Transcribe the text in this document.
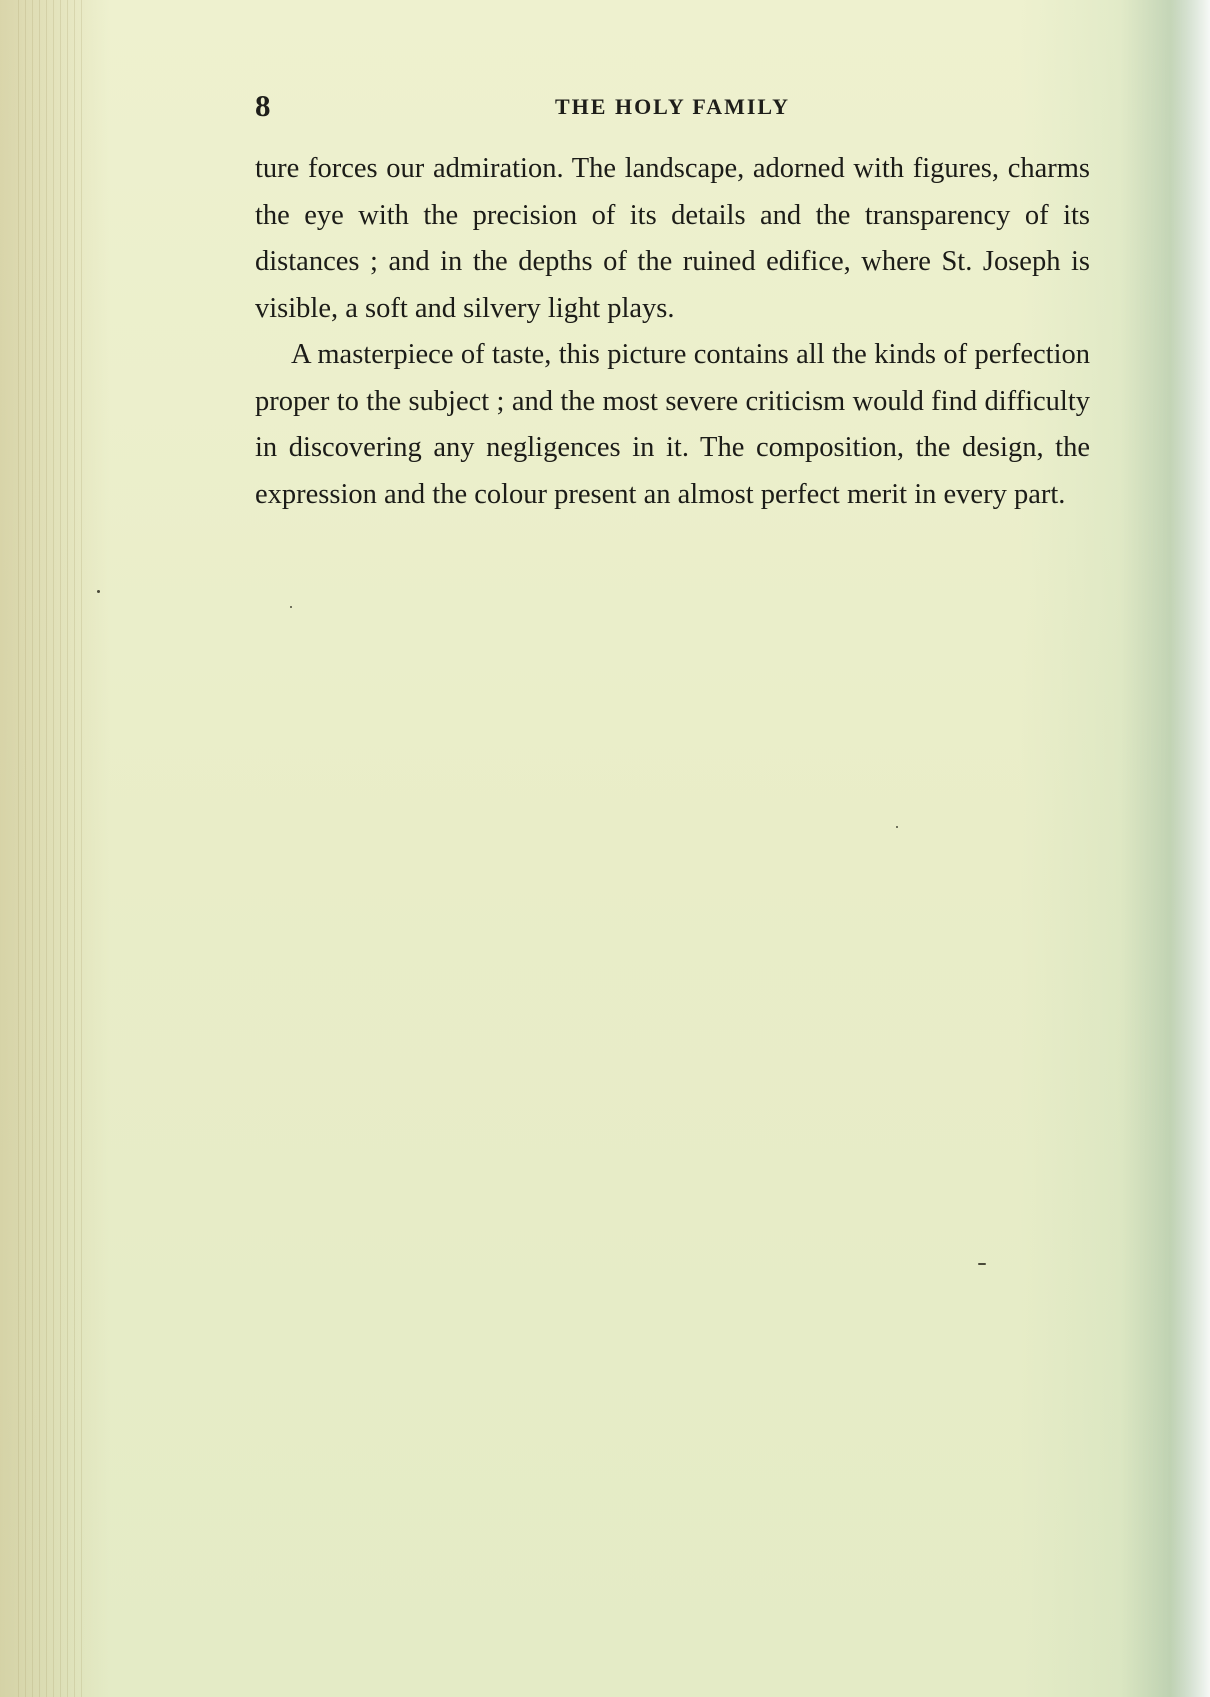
8	THE HOLY FAMILY

ture forces our admiration. The landscape, adorned with figures, charms the eye with the precision of its details and the transparency of its distances ; and in the depths of the ruined edifice, where St. Joseph is visible, a soft and silvery light plays.

A masterpiece of taste, this picture contains all the kinds of perfection proper to the subject ; and the most severe criticism would find difficulty in discovering any negligences in it. The composition, the design, the expression and the colour present an almost perfect merit in every part.
